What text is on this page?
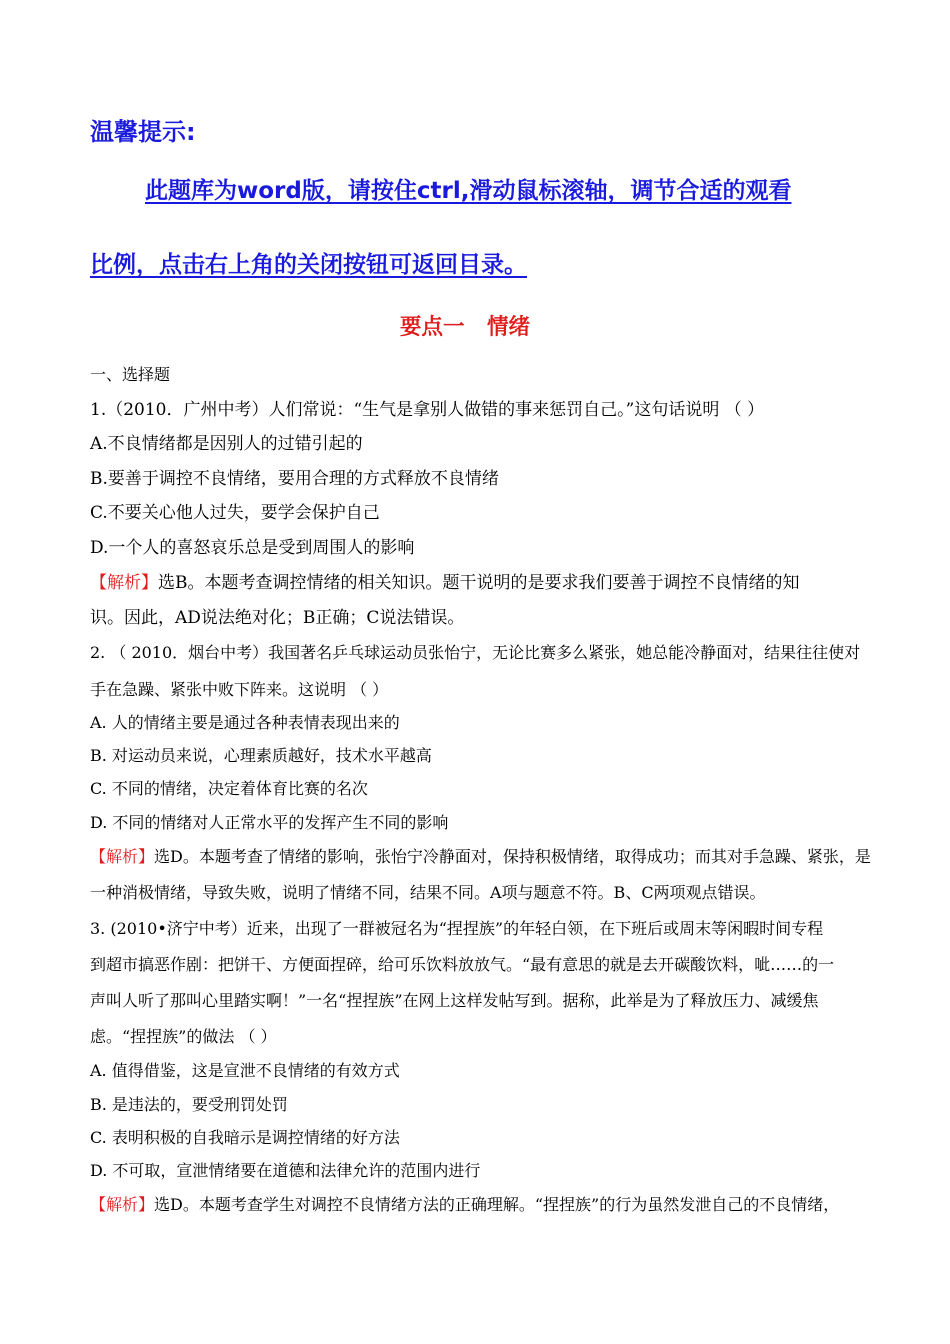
温馨提示:
此题库为word版，请按住ctrl,滑动鼠标滚轴，调节合适的观看
比例，点击右上角的关闭按钮可返回目录。
要点一   情绪
一、选择题
1.（2010．广州中考）人们常说：“生气是拿别人做错的事来惩罚自己。”这句话说明 （ ）
A.不良情绪都是因别人的过错引起的
B.要善于调控不良情绪，要用合理的方式释放不良情绪
C.不要关心他人过失，要学会保护自己
D.一个人的喜怒哀乐总是受到周围人的影响
【解析】选B。本题考查调控情绪的相关知识。题干说明的是要求我们要善于调控不良情绪的知
识。因此，AD说法绝对化；B正确；C说法错误。
2. （ 2010．烟台中考）我国著名乒乓球运动员张怡宁，无论比赛多么紧张，她总能冷静面对，结果往往使对
手在急躁、紧张中败下阵来。这说明 （ ）
A. 人的情绪主要是通过各种表情表现出来的
B. 对运动员来说，心理素质越好，技术水平越高
C. 不同的情绪，决定着体育比赛的名次
D. 不同的情绪对人正常水平的发挥产生不同的影响
【解析】选D。本题考查了情绪的影响，张怡宁冷静面对，保持积极情绪，取得成功；而其对手急躁、紧张，是
一种消极情绪，导致失败，说明了情绪不同，结果不同。A项与题意不符。B、C两项观点错误。
3. (2010•济宁中考）近来，出现了一群被冠名为“捏捏族”的年轻白领，在下班后或周末等闲暇时间专程
到超市搞恶作剧：把饼干、方便面捏碎，给可乐饮料放放气。“最有意思的就是去开碳酸饮料，呲……的一
声叫人听了那叫心里踏实啊！”一名“捏捏族”在网上这样发帖写到。据称，此举是为了释放压力、减缓焦
虑。“捏捏族”的做法 （ ）
A. 值得借鉴，这是宣泄不良情绪的有效方式
B. 是违法的，要受刑罚处罚
C. 表明积极的自我暗示是调控情绪的好方法
D. 不可取，宣泄情绪要在道德和法律允许的范围内进行
【解析】选D。本题考查学生对调控不良情绪方法的正确理解。“捏捏族”的行为虽然发泄自己的不良情绪，
